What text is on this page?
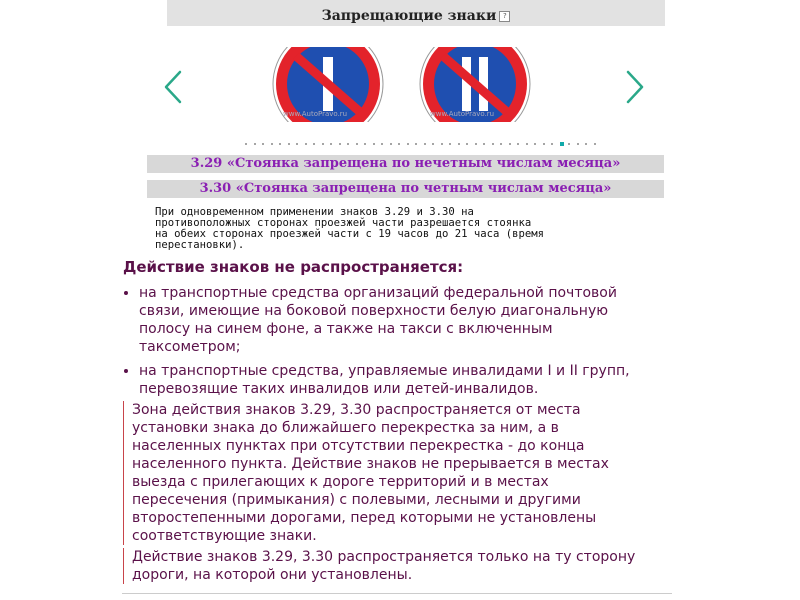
Запрещающие знаки ?
www.AutoPravo.ru	www.AutoPravo.ru
3.29 «Стоянка запрещена по нечетным числам месяца»
3.30 «Стоянка запрещена по четным числам месяца»
При одновременном применении знаков 3.29 и 3.30 на
противоположных сторонах проезжей части разрешается стоянка
на обеих сторонах проезжей части с 19 часов до 21 часа (время
перестановки).
Действие знаков не распространяется:
на транспортные средства организаций федеральной почтовой
связи, имеющие на боковой поверхности белую диагональную
полосу на синем фоне, а также на такси с включенным
таксометром;
на транспортные средства, управляемые инвалидами I и II групп,
перевозящие таких инвалидов или детей-инвалидов.
Зона действия знаков 3.29, 3.30 распространяется от места
установки знака до ближайшего перекрестка за ним, а в
населенных пунктах при отсутствии перекрестка - до конца
населенного пункта. Действие знаков не прерывается в местах
выезда с прилегающих к дороге территорий и в местах
пересечения (примыкания) с полевыми, лесными и другими
второстепенными дорогами, перед которыми не установлены
соответствующие знаки.
Действие знаков 3.29, 3.30 распространяется только на ту сторону
дороги, на которой они установлены.
